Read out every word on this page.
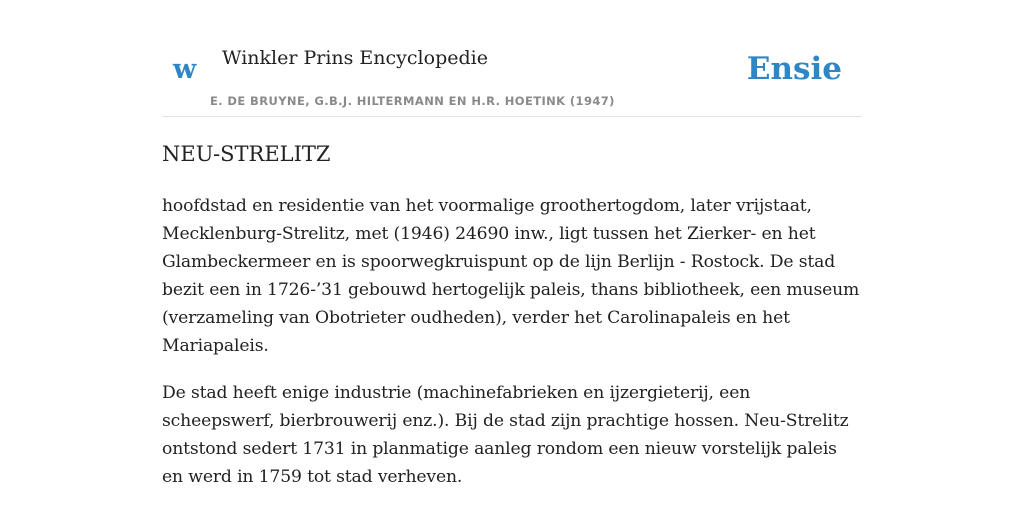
w Winkler Prins Encyclopedie
E. DE BRUYNE, G.B.J. HILTERMANN EN H.R. HOETINK (1947)
Ensie
NEU-STRELITZ

hoofdstad en residentie van het voormalige groothertogdom, later vrijstaat, Mecklenburg-Strelitz, met (1946) 24690 inw., ligt tussen het Zierker- en het Glambeckermeer en is spoorwegkruispunt op de lijn Berlijn - Rostock. De stad bezit een in 1726-’31 gebouwd hertogelijk paleis, thans bibliotheek, een museum (verzameling van Obotrieter oudheden), verder het Carolinapaleis en het Mariapaleis.

De stad heeft enige industrie (machinefabrieken en ijzergieterij, een scheepswerf, bierbrouwerij enz.). Bij de stad zijn prachtige hossen. Neu-Strelitz ontstond sedert 1731 in planmatige aanleg rondom een nieuw vorstelijk paleis en werd in 1759 tot stad verheven.
